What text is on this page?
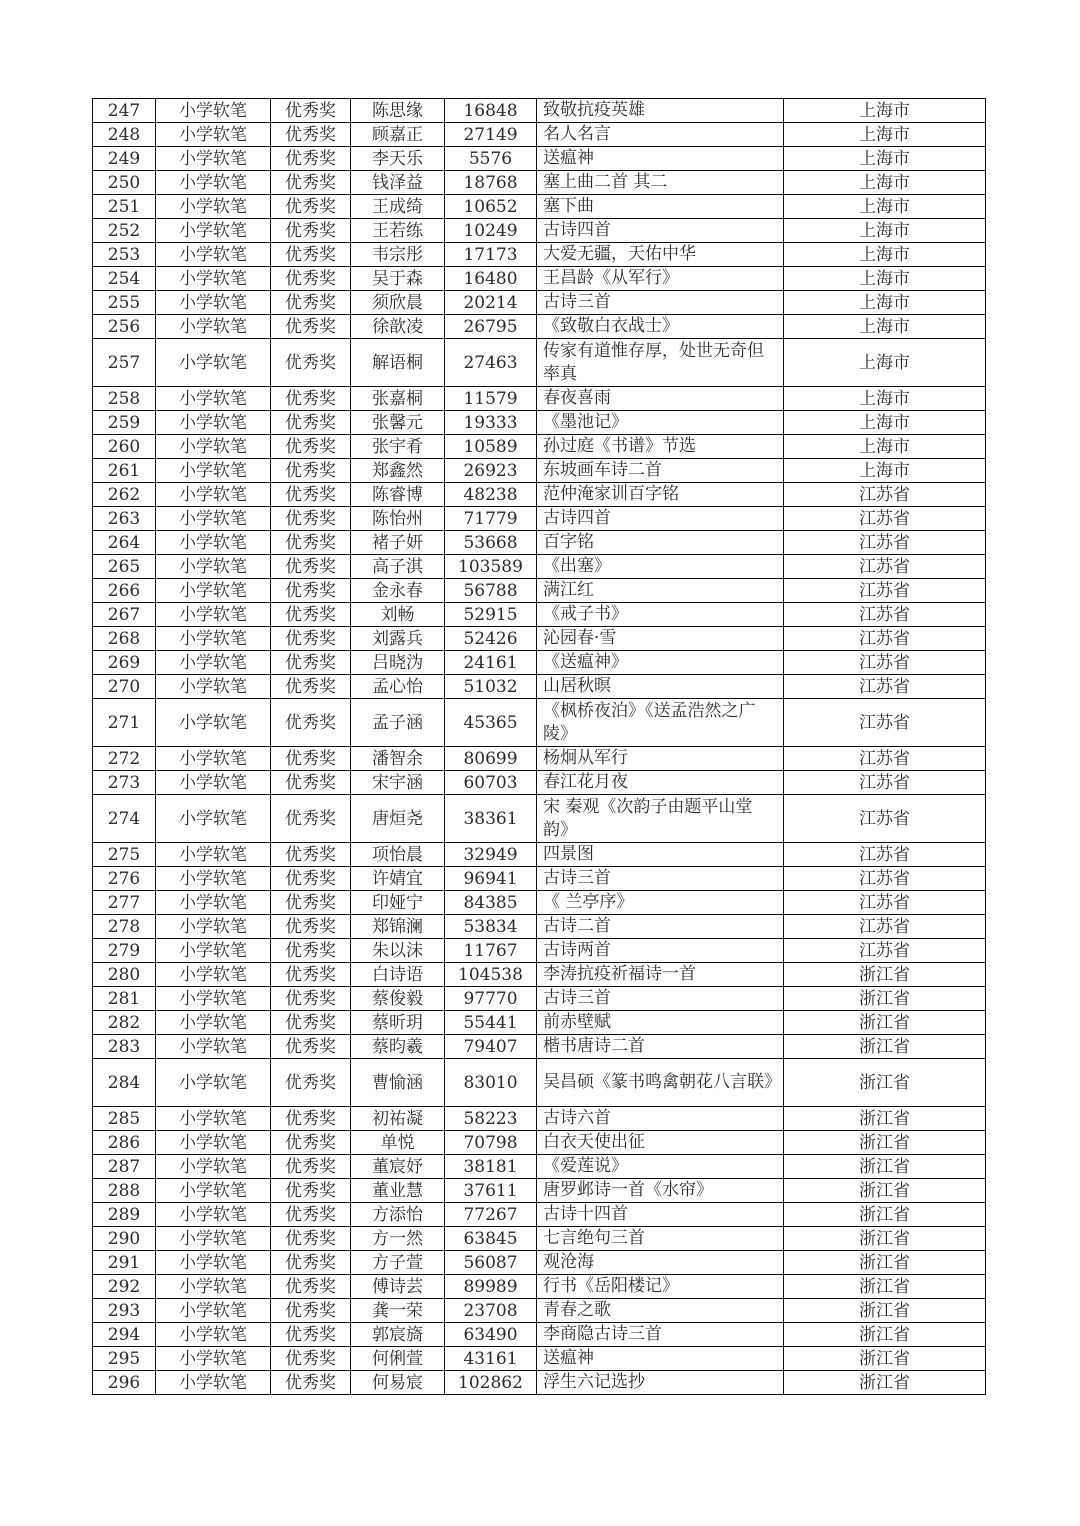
247	小学软笔	优秀奖	陈思缘	16848	致敬抗疫英雄	上海市
248	小学软笔	优秀奖	顾嘉正	27149	名人名言	上海市
249	小学软笔	优秀奖	李天乐	5576	送瘟神	上海市
250	小学软笔	优秀奖	钱泽益	18768	塞上曲二首 其二	上海市
251	小学软笔	优秀奖	王成绮	10652	塞下曲	上海市
252	小学软笔	优秀奖	王若练	10249	古诗四首	上海市
253	小学软笔	优秀奖	韦宗彤	17173	大爱无疆，天佑中华	上海市
254	小学软笔	优秀奖	吴于森	16480	王昌龄《从军行》	上海市
255	小学软笔	优秀奖	须欣晨	20214	古诗三首	上海市
256	小学软笔	优秀奖	徐歆凌	26795	《致敬白衣战士》	上海市
257	小学软笔	优秀奖	解语桐	27463	传家有道惟存厚，处世无奇但率真	上海市
258	小学软笔	优秀奖	张嘉桐	11579	春夜喜雨	上海市
259	小学软笔	优秀奖	张馨元	19333	《墨池记》	上海市
260	小学软笔	优秀奖	张宇肴	10589	孙过庭《书谱》节选	上海市
261	小学软笔	优秀奖	郑鑫然	26923	东坡画车诗二首	上海市
262	小学软笔	优秀奖	陈睿博	48238	范仲淹家训百字铭	江苏省
263	小学软笔	优秀奖	陈怡州	71779	古诗四首	江苏省
264	小学软笔	优秀奖	褚子妍	53668	百字铭	江苏省
265	小学软笔	优秀奖	高子淇	103589	《出塞》	江苏省
266	小学软笔	优秀奖	金永春	56788	满江红	江苏省
267	小学软笔	优秀奖	刘畅	52915	《戒子书》	江苏省
268	小学软笔	优秀奖	刘露兵	52426	沁园春·雪	江苏省
269	小学软笔	优秀奖	吕晓沩	24161	《送瘟神》	江苏省
270	小学软笔	优秀奖	孟心怡	51032	山居秋暝	江苏省
271	小学软笔	优秀奖	孟子涵	45365	《枫桥夜泊》《送孟浩然之广陵》	江苏省
272	小学软笔	优秀奖	潘智余	80699	杨炯从军行	江苏省
273	小学软笔	优秀奖	宋宇涵	60703	春江花月夜	江苏省
274	小学软笔	优秀奖	唐烜尧	38361	宋 秦观《次韵子由题平山堂韵》	江苏省
275	小学软笔	优秀奖	项怡晨	32949	四景图	江苏省
276	小学软笔	优秀奖	许婧宜	96941	古诗三首	江苏省
277	小学软笔	优秀奖	印娅宁	84385	《 兰亭序》	江苏省
278	小学软笔	优秀奖	郑锦澜	53834	古诗二首	江苏省
279	小学软笔	优秀奖	朱以沫	11767	古诗两首	江苏省
280	小学软笔	优秀奖	白诗语	104538	李涛抗疫祈福诗一首	浙江省
281	小学软笔	优秀奖	蔡俊毅	97770	古诗三首	浙江省
282	小学软笔	优秀奖	蔡昕玥	55441	前赤壁赋	浙江省
283	小学软笔	优秀奖	蔡昀羲	79407	楷书唐诗二首	浙江省
284	小学软笔	优秀奖	曹愉涵	83010	吴昌硕《篆书鸣禽朝花八言联》	浙江省
285	小学软笔	优秀奖	初祐凝	58223	古诗六首	浙江省
286	小学软笔	优秀奖	单悦	70798	白衣天使出征	浙江省
287	小学软笔	优秀奖	董宸妤	38181	《爱莲说》	浙江省
288	小学软笔	优秀奖	董业慧	37611	唐罗邺诗一首《水帘》	浙江省
289	小学软笔	优秀奖	方添怡	77267	古诗十四首	浙江省
290	小学软笔	优秀奖	方一然	63845	七言绝句三首	浙江省
291	小学软笔	优秀奖	方子萱	56087	观沧海	浙江省
292	小学软笔	优秀奖	傅诗芸	89989	行书《岳阳楼记》	浙江省
293	小学软笔	优秀奖	龚一荣	23708	青春之歌	浙江省
294	小学软笔	优秀奖	郭宸旖	63490	李商隐古诗三首	浙江省
295	小学软笔	优秀奖	何俐萱	43161	送瘟神	浙江省
296	小学软笔	优秀奖	何易宸	102862	浮生六记选抄	浙江省
